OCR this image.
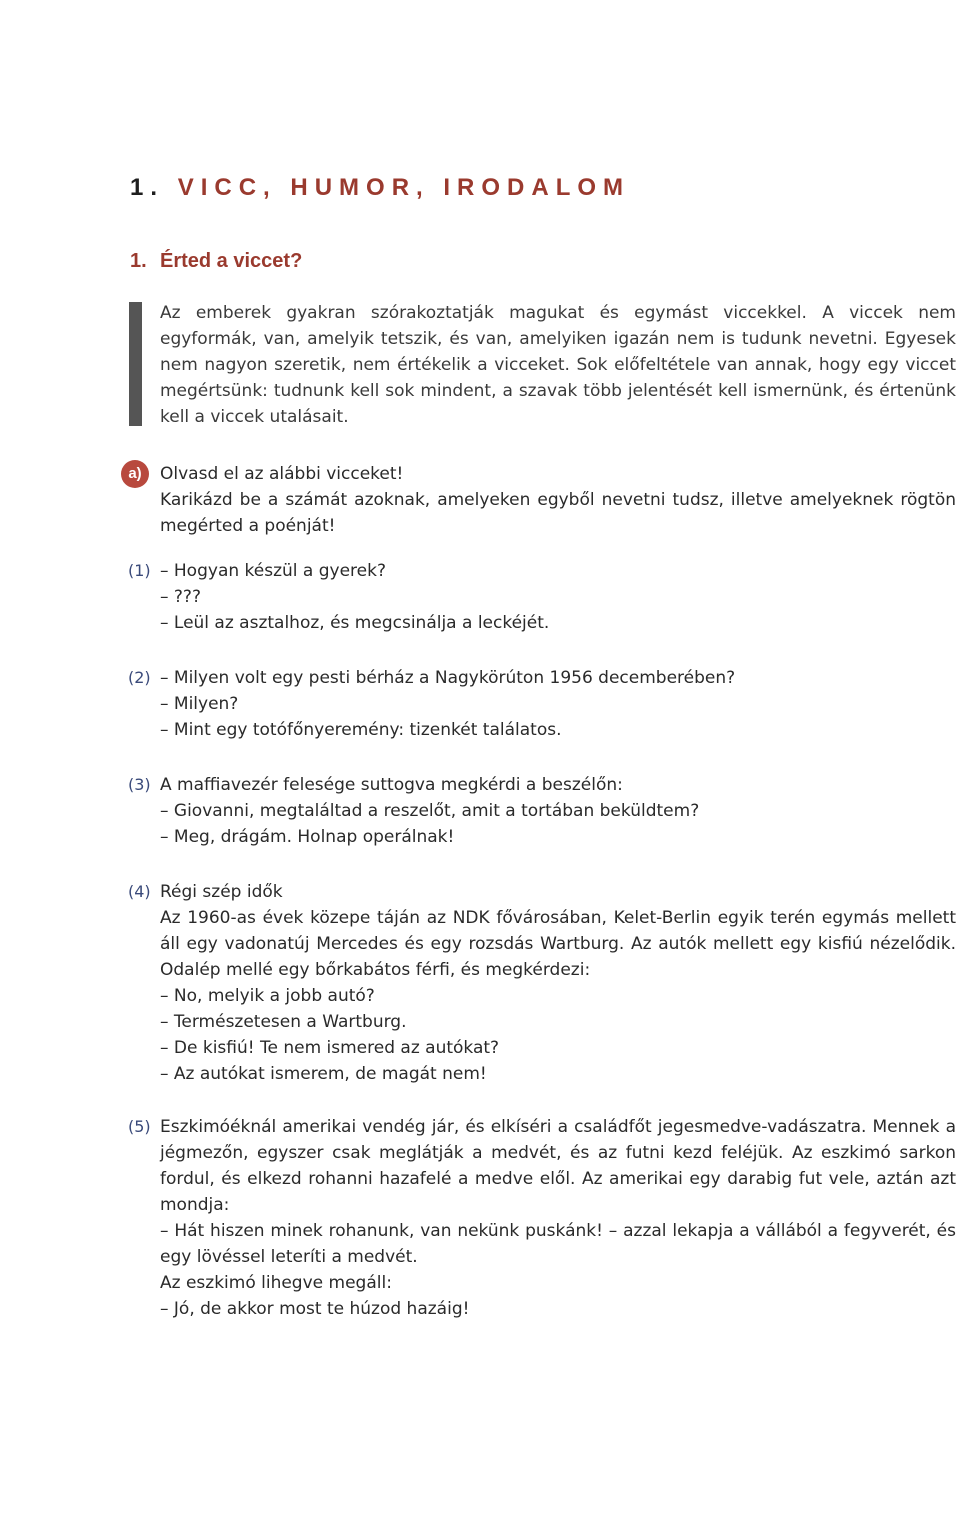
1. VICC, HUMOR, IRODALOM
1. Érted a viccet?

Az emberek gyakran szórakoztatják magukat és egymást viccekkel. A viccek nem egyformák, van, amelyik tetszik, és van, amelyiken igazán nem is tudunk nevetni. Egyesek nem nagyon szeretik, nem értékelik a vicceket. Sok előfeltétele van annak, hogy egy viccet megértsünk: tudnunk kell sok mindent, a szavak több jelentését kell ismernünk, és értenünk kell a viccek utalásait.

a)	Olvasd el az alábbi vicceket!

Karikázd be a számát azoknak, amelyeken egyből nevetni tudsz, illetve amelyeknek rögtön megérted a poénját!

(1) – Hogyan készül a gyerek?
– ???
– Leül az asztalhoz, és megcsinálja a leckéjét.
(2) – Milyen volt egy pesti bérház a Nagykörúton 1956 decemberében?
– Milyen?
– Mint egy totófőnyeremény: tizenkét találatos.
(3) A maffiavezér felesége suttogva megkérdi a beszélőn:
– Giovanni, megtaláltad a reszelőt, amit a tortában beküldtem?
– Meg, drágám. Holnap operálnak!
(4) Régi szép idők
Az 1960-as évek közepe táján az NDK fővárosában, Kelet-Berlin egyik terén egymás mellett áll egy vadonatúj Mercedes és egy rozsdás Wartburg. Az autók mellett egy kisfiú nézelődik. Odalép mellé egy bőrkabátos férfi, és megkérdezi:
– No, melyik a jobb autó?
– Természetesen a Wartburg.
– De kisfiú! Te nem ismered az autókat?
– Az autókat ismerem, de magát nem!
(5) Eszkimóéknál amerikai vendég jár, és elkíséri a családfőt jegesmedve-vadászatra. Mennek a jégmezőn, egyszer csak meglátják a medvét, és az futni kezd feléjük. Az eszkimó sarkon fordul, és elkezd rohanni hazafelé a medve elől. Az amerikai egy darabig fut vele, aztán azt mondja:
– Hát hiszen minek rohanunk, van nekünk puskánk! – azzal lekapja a vállából a fegyverét, és egy lövéssel leteríti a medvét.
Az eszkimó lihegve megáll:
– Jó, de akkor most te húzod hazáig!
